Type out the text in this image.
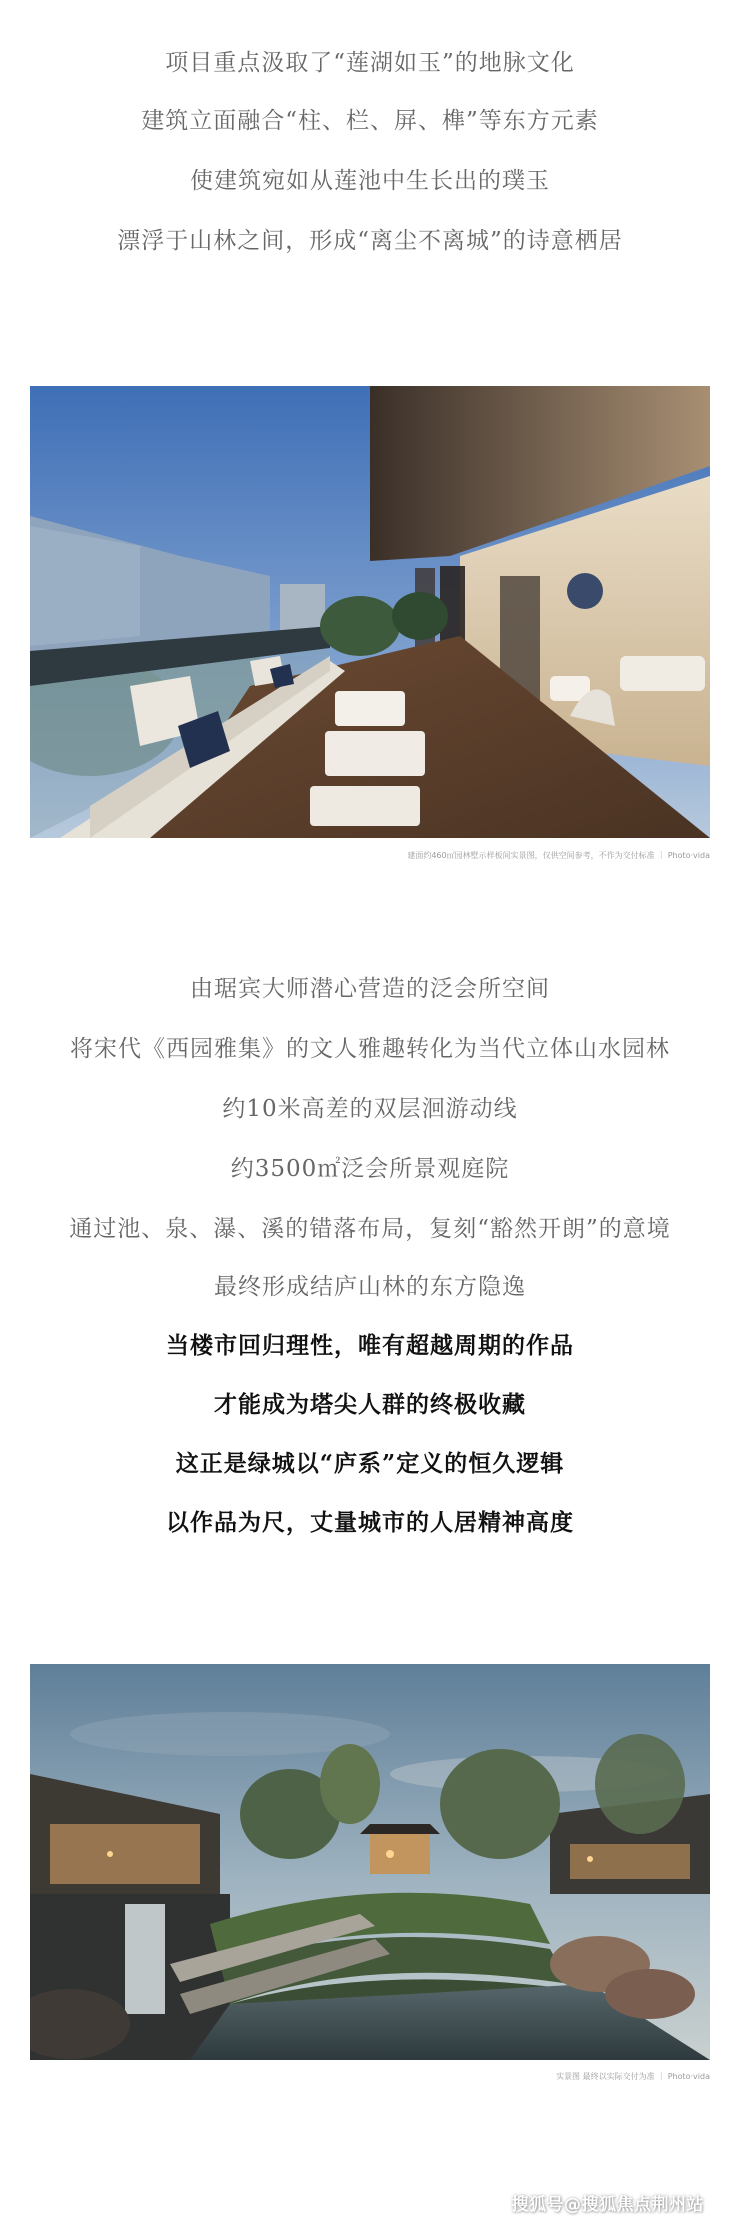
项目重点汲取了“莲湖如玉”的地脉文化
建筑立面融合“柱、栏、屏、榫”等东方元素
使建筑宛如从莲池中生长出的璞玉
漂浮于山林之间，形成“离尘不离城”的诗意栖居
建面约460㎡园林墅示样板间实景图，仅供空间参考，不作为交付标准 ｜ Photo·vida
由琚宾大师潜心营造的泛会所空间
将宋代《西园雅集》的文人雅趣转化为当代立体山水园林
约10米高差的双层洄游动线
约3500㎡泛会所景观庭院
通过池、泉、瀑、溪的错落布局，复刻“豁然开朗”的意境
最终形成结庐山林的东方隐逸
当楼市回归理性，唯有超越周期的作品
才能成为塔尖人群的终极收藏
这正是绿城以“庐系”定义的恒久逻辑
以作品为尺，丈量城市的人居精神高度
实景图 最终以实际交付为准 ｜ Photo·vida
搜狐号@搜狐焦点荆州站
